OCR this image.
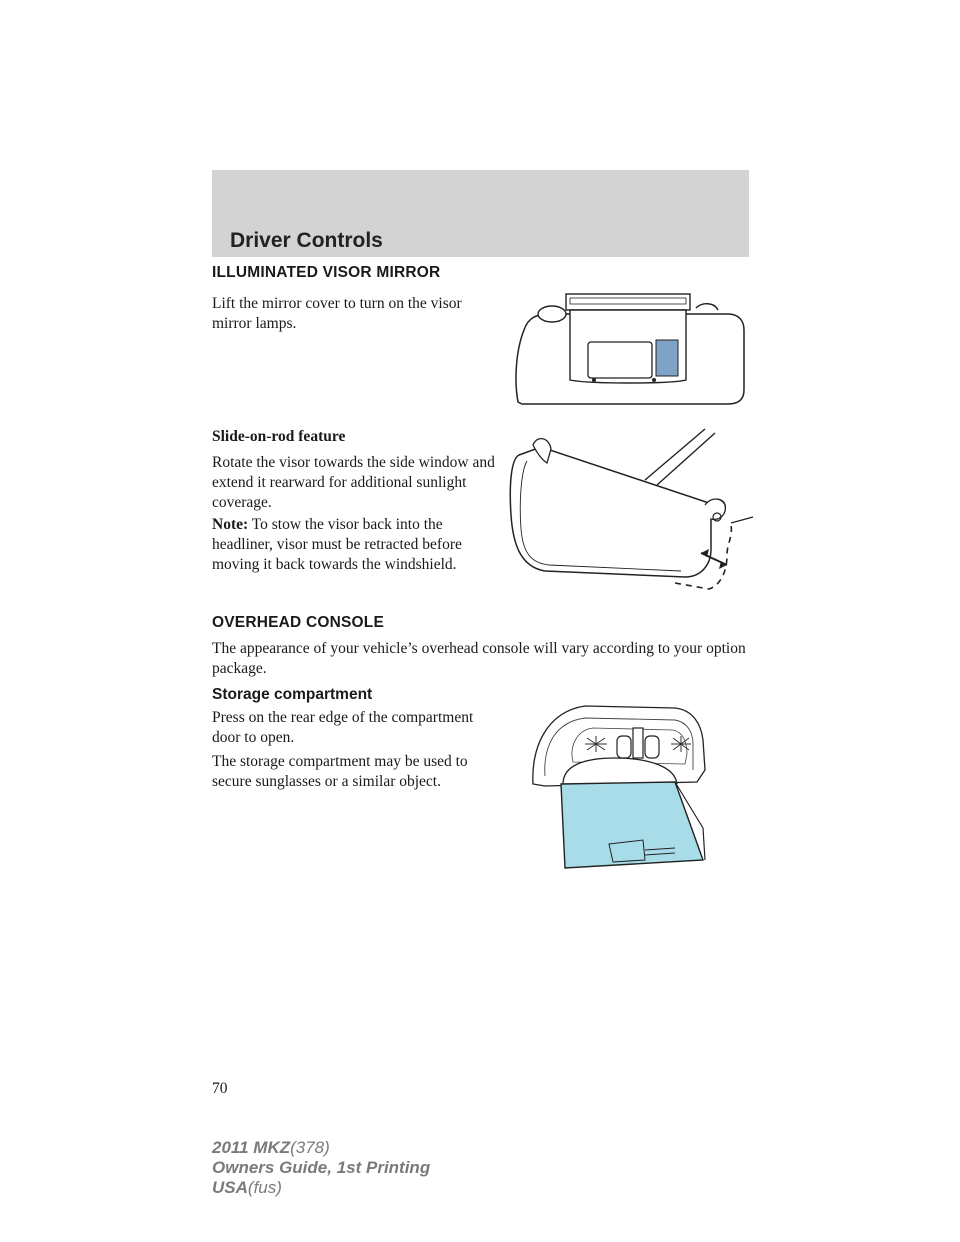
Driver Controls
ILLUMINATED VISOR MIRROR

Lift the mirror cover to turn on the visor mirror lamps.

Slide-on-rod feature

Rotate the visor towards the side window and extend it rearward for additional sunlight coverage.

Note: To stow the visor back into the headliner, visor must be retracted before moving it back towards the windshield.

OVERHEAD CONSOLE

The appearance of your vehicle’s overhead console will vary according to your option package.

Storage compartment

Press on the rear edge of the compartment door to open.

The storage compartment may be used to secure sunglasses or a similar object.

70
2011 MKZ(378)
Owners Guide, 1st Printing
USA(fus)
